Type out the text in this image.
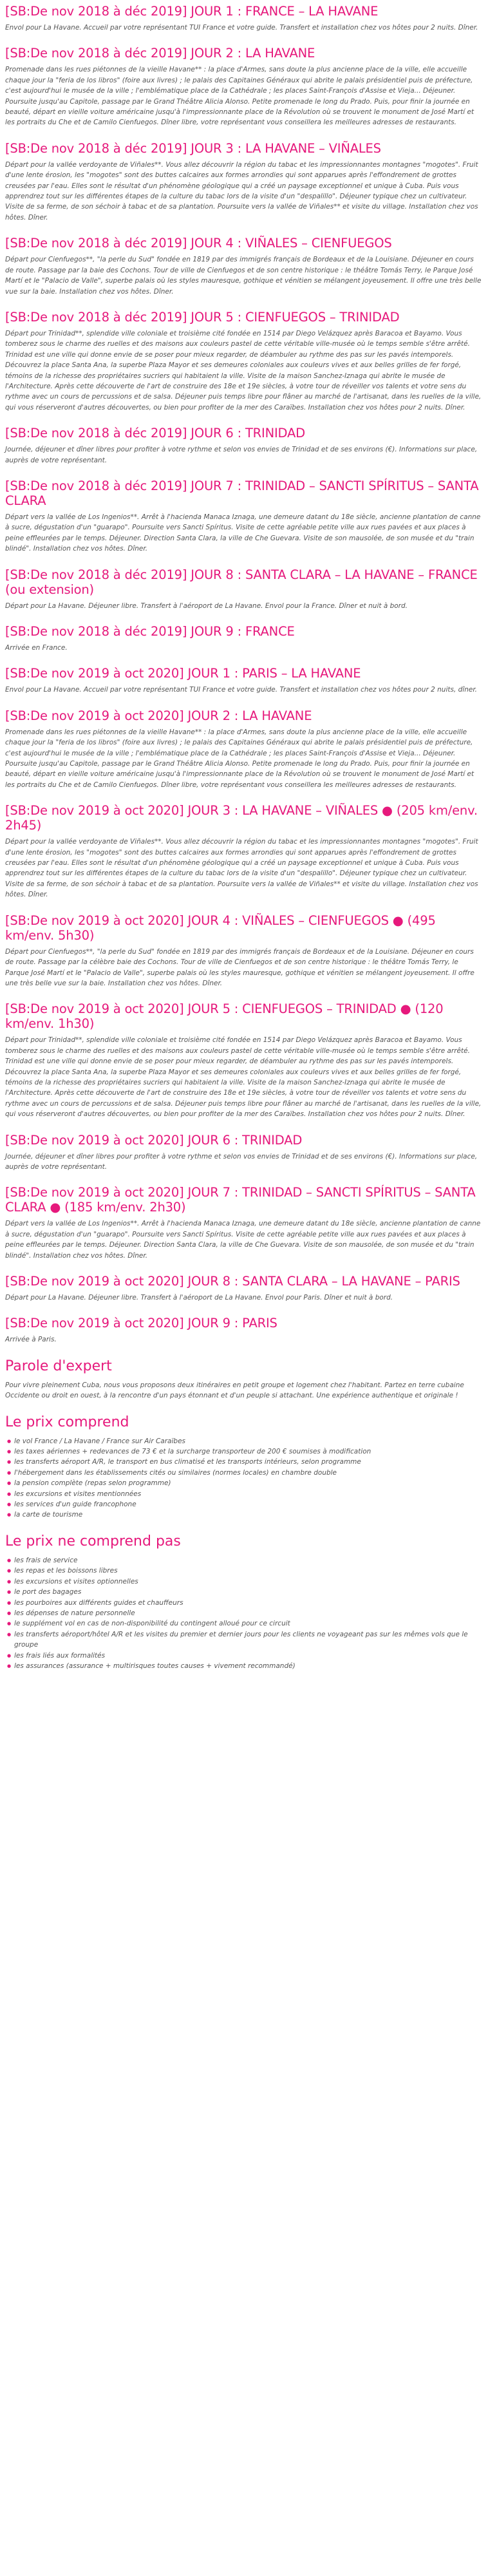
[SB:De nov 2018 à déc 2019] JOUR 1 : FRANCE – LA HAVANE

Envol pour La Havane. Accueil par votre représentant TUI France et votre guide. Transfert et installation chez vos hôtes pour 2 nuits. Dîner.

[SB:De nov 2018 à déc 2019] JOUR 2 : LA HAVANE

Promenade dans les rues piétonnes de la vieille Havane** : la place d'Armes, sans doute la plus ancienne place de la ville, elle accueille chaque jour la "feria de los libros" (foire aux livres) ; le palais des Capitaines Généraux qui abrite le palais présidentiel puis de préfecture, c'est aujourd'hui le musée de la ville ; l'emblématique place de la Cathédrale ; les places Saint-François d'Assise et Vieja... Déjeuner. Poursuite jusqu'au Capitole, passage par le Grand Théâtre Alicia Alonso. Petite promenade le long du Prado. Puis, pour finir la journée en beauté, départ en vieille voiture américaine jusqu'à l'impressionnante place de la Révolution où se trouvent le monument de José Martí et les portraits du Che et de Camilo Cienfuegos. Dîner libre, votre représentant vous conseillera les meilleures adresses de restaurants.

[SB:De nov 2018 à déc 2019] JOUR 3 : LA HAVANE – VIÑALES

Départ pour la vallée verdoyante de Viñales**. Vous allez découvrir la région du tabac et les impressionnantes montagnes "mogotes". Fruit d'une lente érosion, les "mogotes" sont des buttes calcaires aux formes arrondies qui sont apparues après l'effondrement de grottes creusées par l'eau. Elles sont le résultat d'un phénomène géologique qui a créé un paysage exceptionnel et unique à Cuba. Puis vous apprendrez tout sur les différentes étapes de la culture du tabac lors de la visite d'un "despalillo". Déjeuner typique chez un cultivateur. Visite de sa ferme, de son séchoir à tabac et de sa plantation. Poursuite vers la vallée de Viñales** et visite du village. Installation chez vos hôtes. Dîner.

[SB:De nov 2018 à déc 2019] JOUR 4 : VIÑALES – CIENFUEGOS

Départ pour Cienfuegos**, "la perle du Sud" fondée en 1819 par des immigrés français de Bordeaux et de la Louisiane. Déjeuner en cours de route. Passage par la baie des Cochons. Tour de ville de Cienfuegos et de son centre historique : le théâtre Tomás Terry, le Parque José Martí et le "Palacio de Valle", superbe palais où les styles mauresque, gothique et vénitien se mélangent joyeusement. Il offre une très belle vue sur la baie. Installation chez vos hôtes. Dîner.

[SB:De nov 2018 à déc 2019] JOUR 5 : CIENFUEGOS – TRINIDAD

Départ pour Trinidad**, splendide ville coloniale et troisième cité fondée en 1514 par Diego Velázquez après Baracoa et Bayamo. Vous tomberez sous le charme des ruelles et des maisons aux couleurs pastel de cette véritable ville-musée où le temps semble s'être arrêté. Trinidad est une ville qui donne envie de se poser pour mieux regarder, de déambuler au rythme des pas sur les pavés intemporels. Découvrez la place Santa Ana, la superbe Plaza Mayor et ses demeures coloniales aux couleurs vives et aux belles grilles de fer forgé, témoins de la richesse des propriétaires sucriers qui habitaient la ville. Visite de la maison Sanchez-Iznaga qui abrite le musée de l'Architecture. Après cette découverte de l'art de construire des 18e et 19e siècles, à votre tour de réveiller vos talents et votre sens du rythme avec un cours de percussions et de salsa. Déjeuner puis temps libre pour flâner au marché de l'artisanat, dans les ruelles de la ville, qui vous réserveront d'autres découvertes, ou bien pour profiter de la mer des Caraïbes. Installation chez vos hôtes pour 2 nuits. Dîner.

[SB:De nov 2018 à déc 2019] JOUR 6 : TRINIDAD

Journée, déjeuner et dîner libres pour profiter à votre rythme et selon vos envies de Trinidad et de ses environs (€). Informations sur place, auprès de votre représentant.

[SB:De nov 2018 à déc 2019] JOUR 7 : TRINIDAD – SANCTI SPÍRITUS – SANTA CLARA

Départ vers la vallée de Los Ingenios**. Arrêt à l'hacienda Manaca Iznaga, une demeure datant du 18e siècle, ancienne plantation de canne à sucre, dégustation d'un "guarapo". Poursuite vers Sancti Spíritus. Visite de cette agréable petite ville aux rues pavées et aux places à peine effleurées par le temps. Déjeuner. Direction Santa Clara, la ville de Che Guevara. Visite de son mausolée, de son musée et du "train blindé". Installation chez vos hôtes. Dîner.

[SB:De nov 2018 à déc 2019] JOUR 8 : SANTA CLARA – LA HAVANE – FRANCE (ou extension)

Départ pour La Havane. Déjeuner libre. Transfert à l'aéroport de La Havane. Envol pour la France. Dîner et nuit à bord.

[SB:De nov 2018 à déc 2019] JOUR 9 : FRANCE

Arrivée en France.

[SB:De nov 2019 à oct 2020] JOUR 1 : PARIS – LA HAVANE

Envol pour La Havane. Accueil par votre représentant TUI France et votre guide. Transfert et installation chez vos hôtes pour 2 nuits, dîner.

[SB:De nov 2019 à oct 2020] JOUR 2 : LA HAVANE

Promenade dans les rues piétonnes de la vieille Havane** : la place d'Armes, sans doute la plus ancienne place de la ville, elle accueille chaque jour la "feria de los libros" (foire aux livres) ; le palais des Capitaines Généraux qui abrite le palais présidentiel puis de préfecture, c'est aujourd'hui le musée de la ville ; l'emblématique place de la Cathédrale ; les places Saint-François d'Assise et Vieja... Déjeuner. Poursuite jusqu'au Capitole, passage par le Grand Théâtre Alicia Alonso. Petite promenade le long du Prado. Puis, pour finir la journée en beauté, départ en vieille voiture américaine jusqu'à l'impressionnante place de la Révolution où se trouvent le monument de José Martí et les portraits du Che et de Camilo Cienfuegos. Dîner libre, votre représentant vous conseillera les meilleures adresses de restaurants.

[SB:De nov 2019 à oct 2020] JOUR 3 : LA HAVANE – VIÑALES ● (205 km/env. 2h45)

Départ pour la vallée verdoyante de Viñales**. Vous allez découvrir la région du tabac et les impressionnantes montagnes "mogotes". Fruit d'une lente érosion, les "mogotes" sont des buttes calcaires aux formes arrondies qui sont apparues après l'effondrement de grottes creusées par l'eau. Elles sont le résultat d'un phénomène géologique qui a créé un paysage exceptionnel et unique à Cuba. Puis vous apprendrez tout sur les différentes étapes de la culture du tabac lors de la visite d'un "despalillo". Déjeuner typique chez un cultivateur. Visite de sa ferme, de son séchoir à tabac et de sa plantation. Poursuite vers la vallée de Viñales** et visite du village. Installation chez vos hôtes. Dîner.

[SB:De nov 2019 à oct 2020] JOUR 4 : VIÑALES – CIENFUEGOS ● (495 km/env. 5h30)

Départ pour Cienfuegos**, "la perle du Sud" fondée en 1819 par des immigrés français de Bordeaux et de la Louisiane. Déjeuner en cours de route. Passage par la célèbre baie des Cochons. Tour de ville de Cienfuegos et de son centre historique : le théâtre Tomás Terry, le Parque José Martí et le "Palacio de Valle", superbe palais où les styles mauresque, gothique et vénitien se mélangent joyeusement. Il offre une très belle vue sur la baie. Installation chez vos hôtes. Dîner.

[SB:De nov 2019 à oct 2020] JOUR 5 : CIENFUEGOS – TRINIDAD ● (120 km/env. 1h30)

Départ pour Trinidad**, splendide ville coloniale et troisième cité fondée en 1514 par Diego Velázquez après Baracoa et Bayamo. Vous tomberez sous le charme des ruelles et des maisons aux couleurs pastel de cette véritable ville-musée où le temps semble s'être arrêté. Trinidad est une ville qui donne envie de se poser pour mieux regarder, de déambuler au rythme des pas sur les pavés intemporels. Découvrez la place Santa Ana, la superbe Plaza Mayor et ses demeures coloniales aux couleurs vives et aux belles grilles de fer forgé, témoins de la richesse des propriétaires sucriers qui habitaient la ville. Visite de la maison Sanchez-Iznaga qui abrite le musée de l'Architecture. Après cette découverte de l'art de construire des 18e et 19e siècles, à votre tour de réveiller vos talents et votre sens du rythme avec un cours de percussions et de salsa. Déjeuner puis temps libre pour flâner au marché de l'artisanat, dans les ruelles de la ville, qui vous réserveront d'autres découvertes, ou bien pour profiter de la mer des Caraïbes. Installation chez vos hôtes pour 2 nuits. Dîner.

[SB:De nov 2019 à oct 2020] JOUR 6 : TRINIDAD

Journée, déjeuner et dîner libres pour profiter à votre rythme et selon vos envies de Trinidad et de ses environs (€). Informations sur place, auprès de votre représentant.

[SB:De nov 2019 à oct 2020] JOUR 7 : TRINIDAD – SANCTI SPÍRITUS – SANTA CLARA ● (185 km/env. 2h30)

Départ vers la vallée de Los Ingenios**. Arrêt à l'hacienda Manaca Iznaga, une demeure datant du 18e siècle, ancienne plantation de canne à sucre, dégustation d'un "guarapo". Poursuite vers Sancti Spíritus. Visite de cette agréable petite ville aux rues pavées et aux places à peine effleurées par le temps. Déjeuner. Direction Santa Clara, la ville de Che Guevara. Visite de son mausolée, de son musée et du "train blindé". Installation chez vos hôtes. Dîner.

[SB:De nov 2019 à oct 2020] JOUR 8 : SANTA CLARA – LA HAVANE – PARIS

Départ pour La Havane. Déjeuner libre. Transfert à l'aéroport de La Havane. Envol pour Paris. Dîner et nuit à bord.

[SB:De nov 2019 à oct 2020] JOUR 9 : PARIS

Arrivée à Paris.

Parole d'expert

Pour vivre pleinement Cuba, nous vous proposons deux itinéraires en petit groupe et logement chez l'habitant. Partez en terre cubaine Occidente ou droit en ouest, à la rencontre d'un pays étonnant et d'un peuple si attachant. Une expérience authentique et originale !

Le prix comprend
● le vol France / La Havane / France sur Air Caraïbes
● les taxes aériennes + redevances de 73 € et la surcharge transporteur de 200 € soumises à modification
● les transferts aéroport A/R, le transport en bus climatisé et les transports intérieurs, selon programme
● l'hébergement dans les établissements cités ou similaires (normes locales) en chambre double
● la pension complète (repas selon programme)
● les excursions et visites mentionnées
● les services d'un guide francophone
● la carte de tourisme
Le prix ne comprend pas
● les frais de service
● les repas et les boissons libres
● les excursions et visites optionnelles
● le port des bagages
● les pourboires aux différents guides et chauffeurs
● les dépenses de nature personnelle
● le supplément vol en cas de non-disponibilité du contingent alloué pour ce circuit
● les transferts aéroport/hôtel A/R et les visites du premier et dernier jours pour les clients ne voyageant pas sur les mêmes vols que le groupe
● les frais liés aux formalités
● les assurances (assurance + multirisques toutes causes + vivement recommandé)
